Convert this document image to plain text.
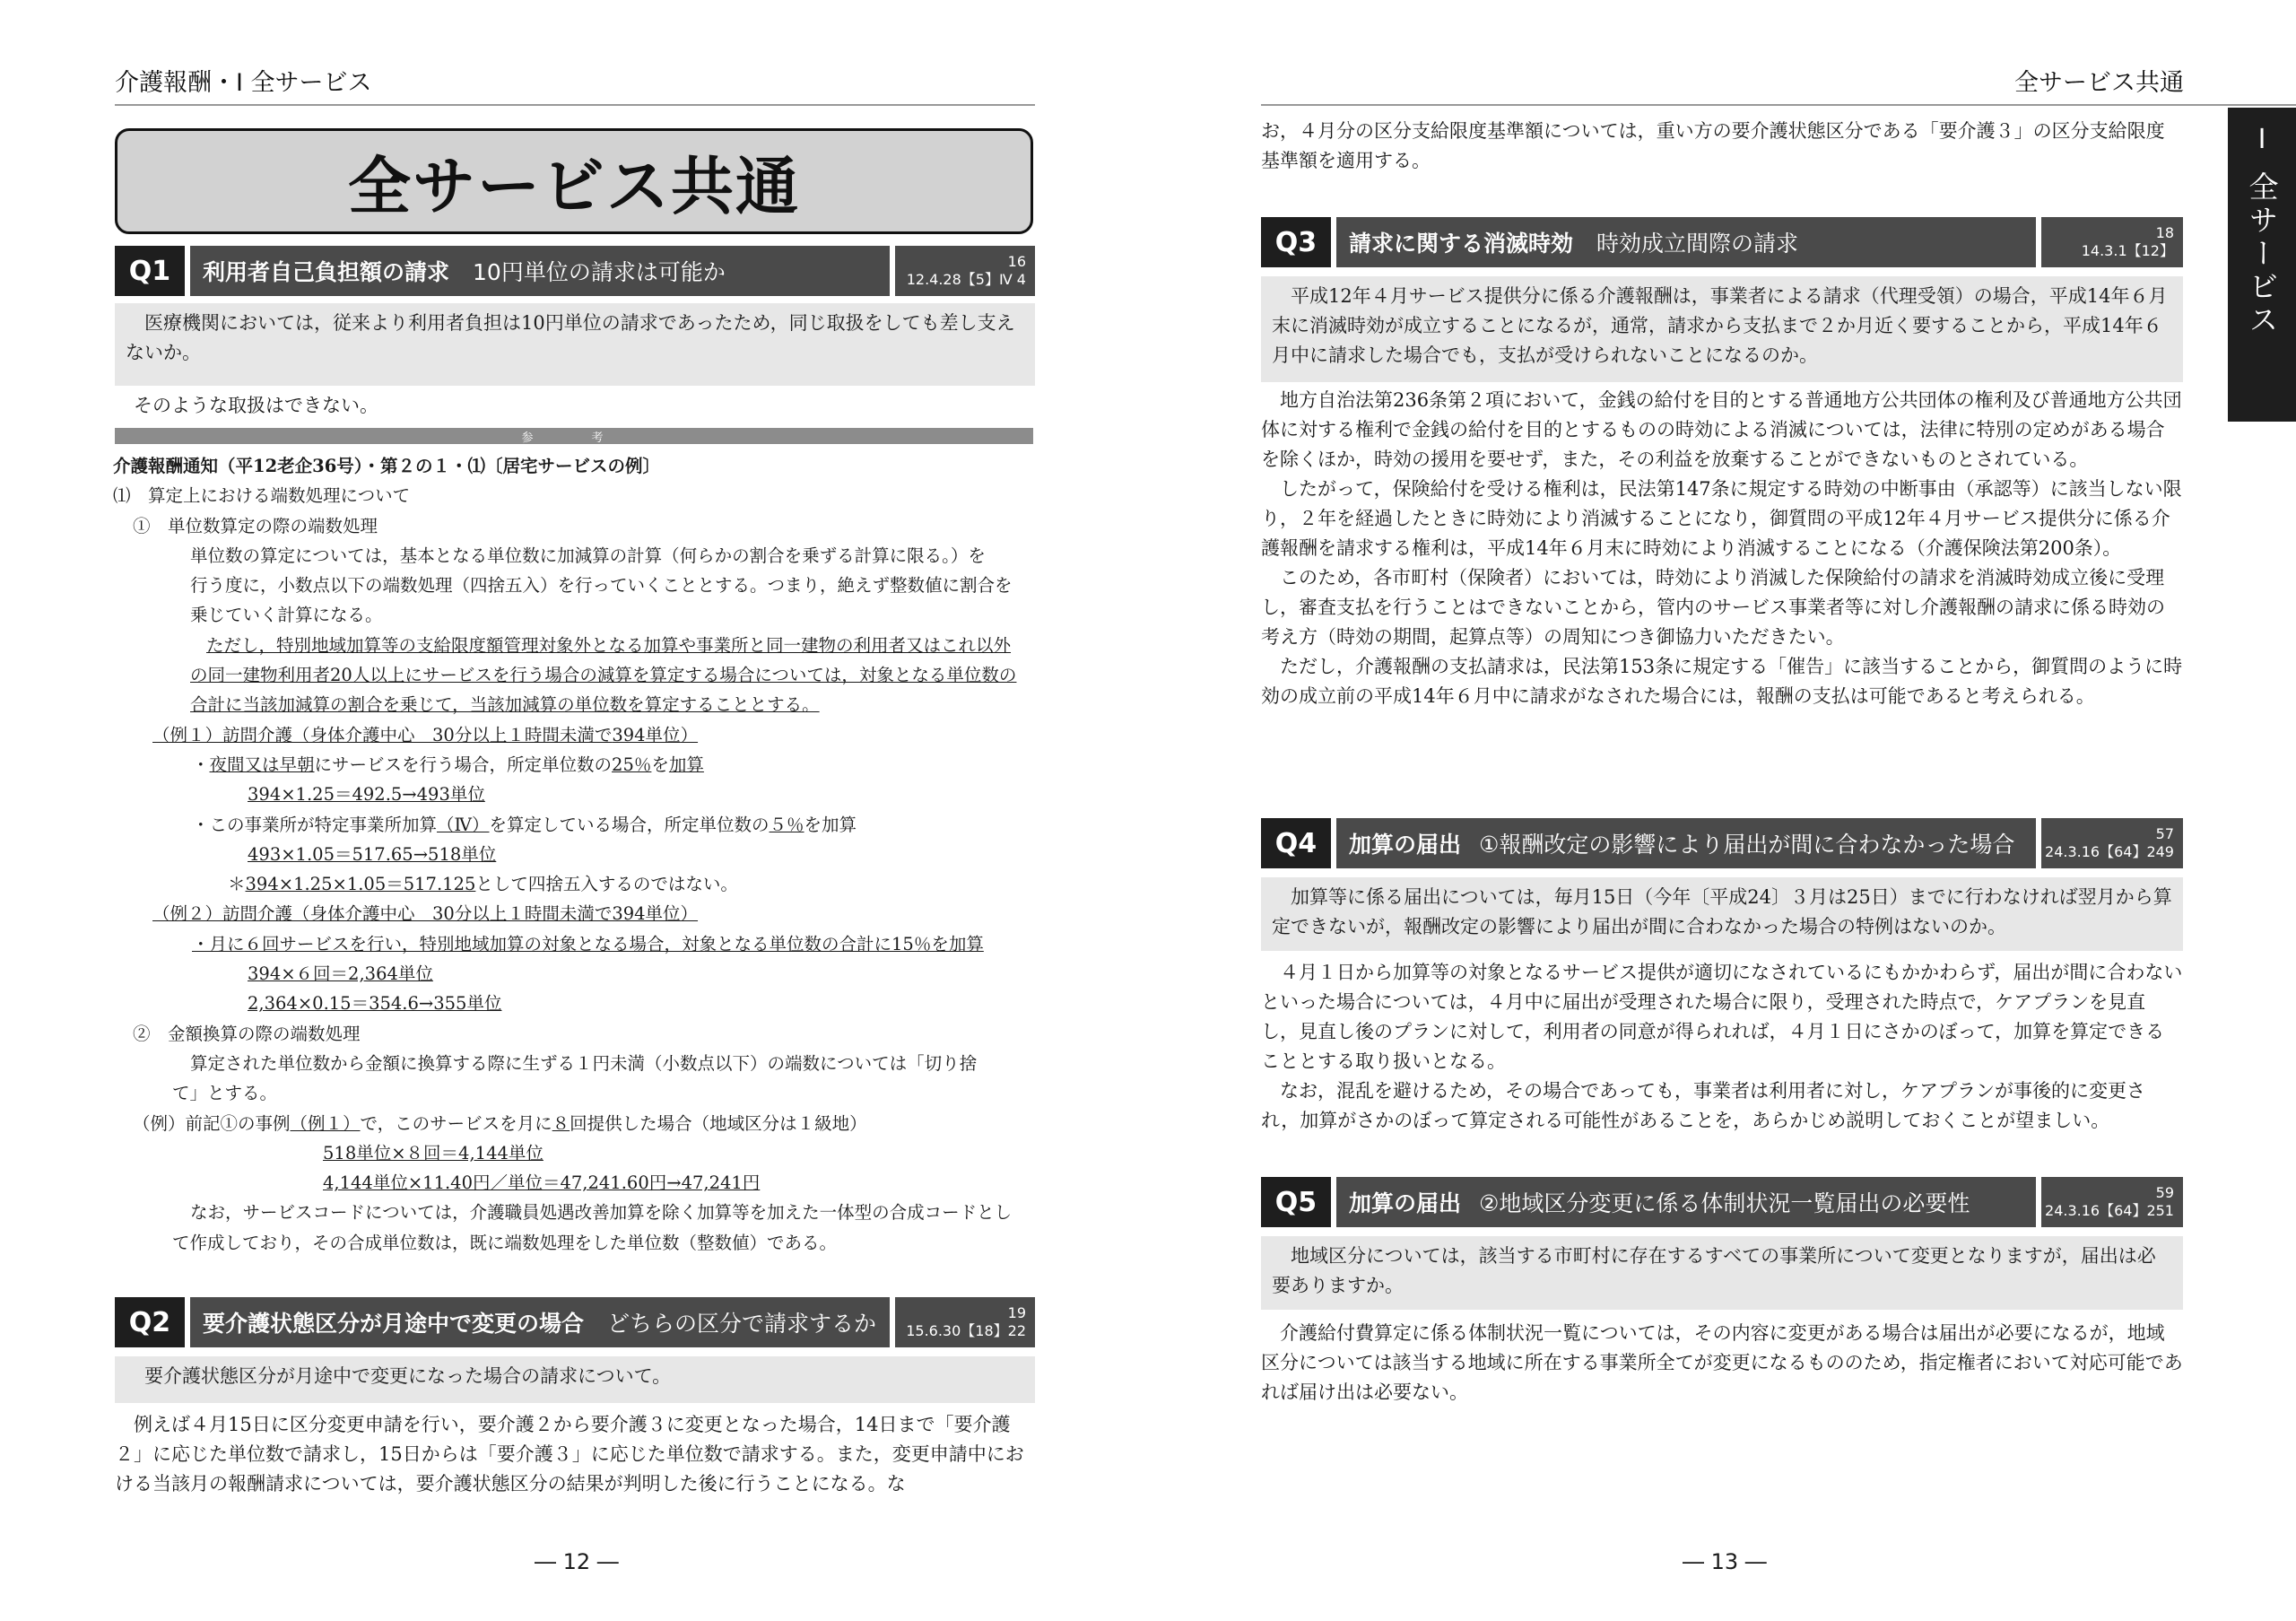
介護報酬・Ⅰ 全サービス
全サービス共通
Q1	利用者自己負担額の請求 10円単位の請求は可能か	16
12.4.28【5】Ⅳ 4
医療機関においては，従来より利用者負担は10円単位の請求であったため，同じ取扱をしても差し支えないか。
そのような取扱はできない。
参　考
介護報酬通知（平12老企36号）・第２の１・⑴〔居宅サービスの例〕
⑴　算定上における端数処理について
①　単位数算定の際の端数処理
単位数の算定については，基本となる単位数に加減算の計算（何らかの割合を乗ずる計算に限る。）を
行う度に，小数点以下の端数処理（四捨五入）を行っていくこととする。つまり，絶えず整数値に割合を
乗じていく計算になる。
ただし，特別地域加算等の支給限度額管理対象外となる加算や事業所と同一建物の利用者又はこれ以外
の同一建物利用者20人以上にサービスを行う場合の減算を算定する場合については，対象となる単位数の
合計に当該加減算の割合を乗じて，当該加減算の単位数を算定することとする。
（例１）訪問介護（身体介護中心　30分以上１時間未満で394単位）
・夜間又は早朝にサービスを行う場合，所定単位数の25％を加算
394×1.25＝492.5→493単位
・この事業所が特定事業所加算（Ⅳ）を算定している場合，所定単位数の５％を加算
493×1.05＝517.65→518単位
＊394×1.25×1.05＝517.125として四捨五入するのではない。
（例２）訪問介護（身体介護中心　30分以上１時間未満で394単位）
・月に６回サービスを行い，特別地域加算の対象となる場合，対象となる単位数の合計に15％を加算
394×６回＝2,364単位
2,364×0.15＝354.6→355単位
②　金額換算の際の端数処理
算定された単位数から金額に換算する際に生ずる１円未満（小数点以下）の端数については「切り捨
て」とする。
（例）前記①の事例（例１）で，このサービスを月に８回提供した場合（地域区分は１級地）
518単位×８回＝4,144単位
4,144単位×11.40円／単位＝47,241.60円→47,241円
なお，サービスコードについては，介護職員処遇改善加算を除く加算等を加えた一体型の合成コードとし
て作成しており，その合成単位数は，既に端数処理をした単位数（整数値）である。
Q2	要介護状態区分が月途中で変更の場合 どちらの区分で請求するか	19
15.6.30【18】22
要介護状態区分が月途中で変更になった場合の請求について。
例えば４月15日に区分変更申請を行い，要介護２から要介護３に変更となった場合，14日まで「要介護２」に応じた単位数で請求し，15日からは「要介護３」に応じた単位数で請求する。また，変更申請中における当該月の報酬請求については，要介護状態区分の結果が判明した後に行うことになる。な
― 12 ―
全サービス共通
お，４月分の区分支給限度基準額については，重い方の要介護状態区分である「要介護３」の区分支給限度基準額を適用する。
Q3	請求に関する消滅時効 時効成立間際の請求	18
14.3.1【12】
平成12年４月サービス提供分に係る介護報酬は，事業者による請求（代理受領）の場合，平成14年６月末に消滅時効が成立することになるが，通常，請求から支払まで２か月近く要することから，平成14年６月中に請求した場合でも，支払が受けられないことになるのか。
地方自治法第236条第２項において，金銭の給付を目的とする普通地方公共団体の権利及び普通地方公共団体に対する権利で金銭の給付を目的とするものの時効による消滅については，法律に特別の定めがある場合を除くほか，時効の援用を要せず，また，その利益を放棄することができないものとされている。
したがって，保険給付を受ける権利は，民法第147条に規定する時効の中断事由（承認等）に該当しない限り，２年を経過したときに時効により消滅することになり，御質問の平成12年４月サービス提供分に係る介護報酬を請求する権利は，平成14年６月末に時効により消滅することになる（介護保険法第200条）。
このため，各市町村（保険者）においては，時効により消滅した保険給付の請求を消滅時効成立後に受理し，審査支払を行うことはできないことから，管内のサービス事業者等に対し介護報酬の請求に係る時効の考え方（時効の期間，起算点等）の周知につき御協力いただきたい。
ただし，介護報酬の支払請求は，民法第153条に規定する「催告」に該当することから，御質問のように時効の成立前の平成14年６月中に請求がなされた場合には，報酬の支払は可能であると考えられる。
Q4	加算の届出 ①報酬改定の影響により届出が間に合わなかった場合	57
24.3.16【64】249
加算等に係る届出については，毎月15日（今年〔平成24〕３月は25日）までに行わなければ翌月から算定できないが，報酬改定の影響により届出が間に合わなかった場合の特例はないのか。
４月１日から加算等の対象となるサービス提供が適切になされているにもかかわらず，届出が間に合わないといった場合については，４月中に届出が受理された場合に限り，受理された時点で，ケアプランを見直し，見直し後のプランに対して，利用者の同意が得られれば，４月１日にさかのぼって，加算を算定できることとする取り扱いとなる。
なお，混乱を避けるため，その場合であっても，事業者は利用者に対し，ケアプランが事後的に変更され，加算がさかのぼって算定される可能性があることを，あらかじめ説明しておくことが望ましい。
Q5	加算の届出 ②地域区分変更に係る体制状況一覧届出の必要性	59
24.3.16【64】251
地域区分については，該当する市町村に存在するすべての事業所について変更となりますが，届出は必要ありますか。
介護給付費算定に係る体制状況一覧については，その内容に変更がある場合は届出が必要になるが，地域区分については該当する地域に所在する事業所全てが変更になるもののため，指定権者において対応可能であれば届け出は必要ない。
― 13 ―
Ⅰ
全サービス
